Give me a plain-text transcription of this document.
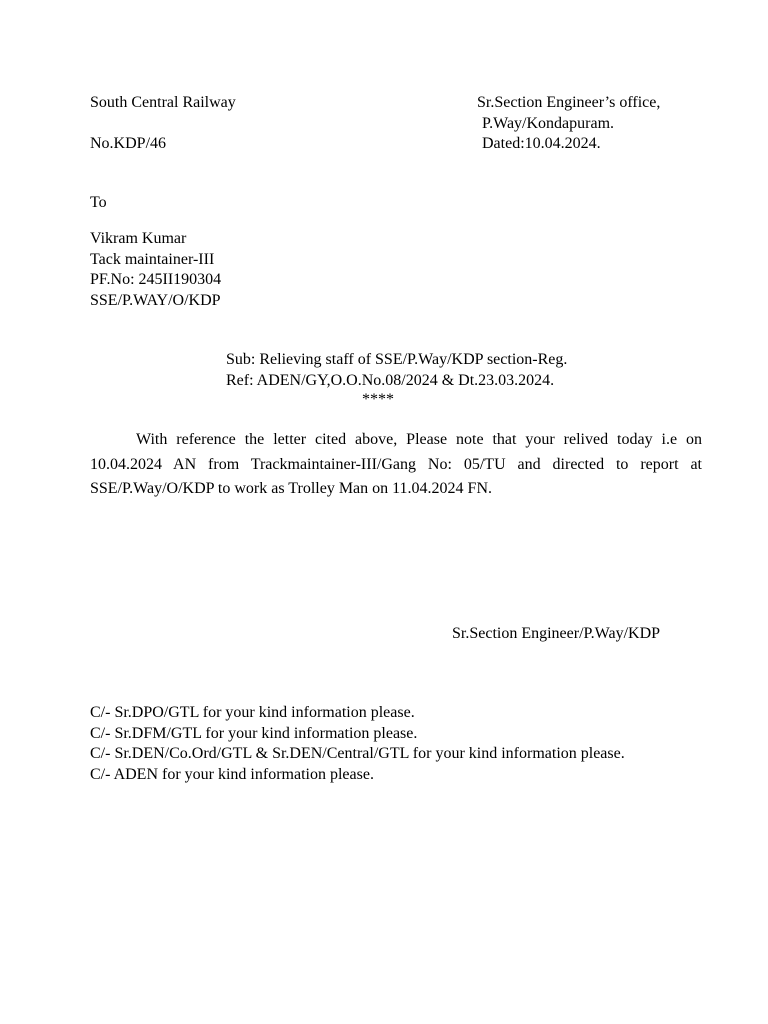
South Central Railway
No.KDP/46
Sr.Section Engineer’s office,
P.Way/Kondapuram.
Dated:10.04.2024.
To
Vikram Kumar
Tack maintainer-III
PF.No: 245II190304
SSE/P.WAY/O/KDP
Sub: Relieving staff of SSE/P.Way/KDP section-Reg.
Ref: ADEN/GY,O.O.No.08/2024 & Dt.23.03.2024.
****
With reference the letter cited above, Please note that your relived today i.e on 10.04.2024 AN from Trackmaintainer-III/Gang No: 05/TU and directed to report at SSE/P.Way/O/KDP to work as Trolley Man on 11.04.2024 FN.
Sr.Section Engineer/P.Way/KDP
C/- Sr.DPO/GTL for your kind information please.
C/- Sr.DFM/GTL for your kind information please.
C/- Sr.DEN/Co.Ord/GTL & Sr.DEN/Central/GTL for your kind information please.
C/- ADEN for your kind information please.
